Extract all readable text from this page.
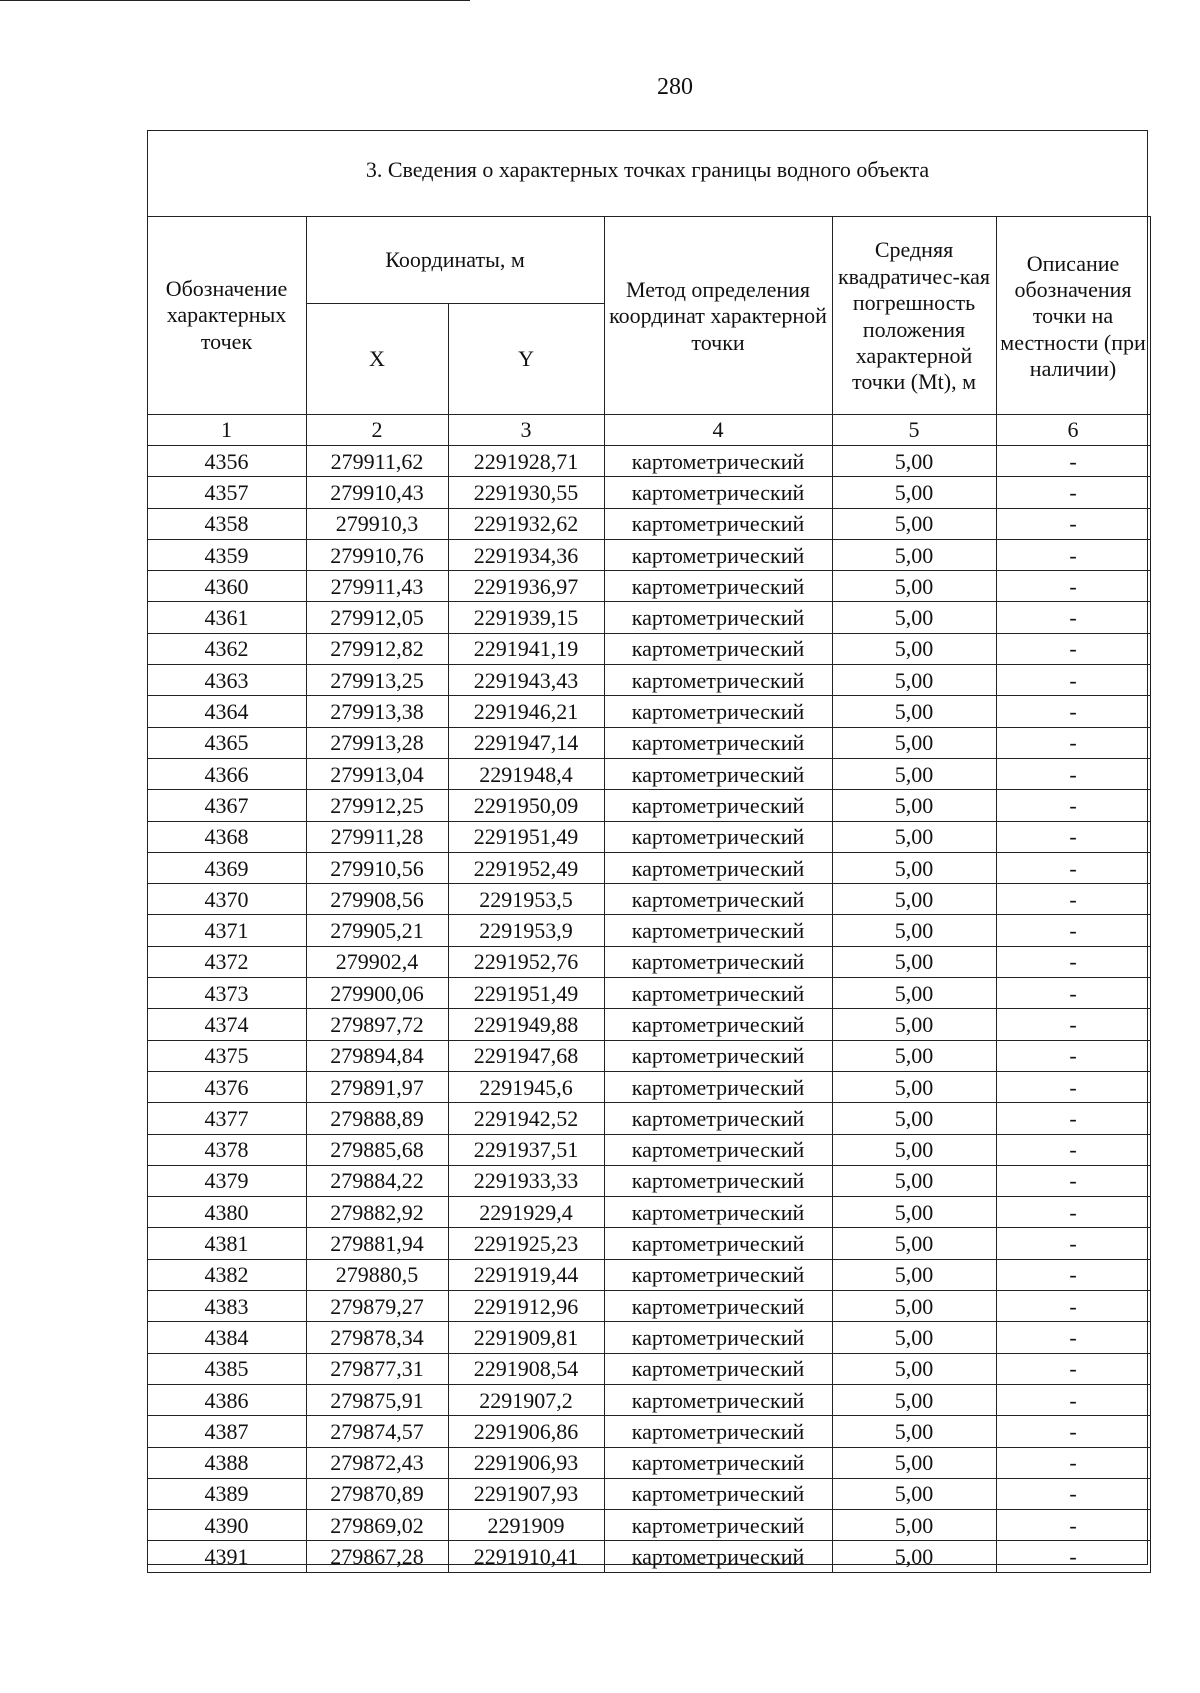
280
3. Сведения о характерных точках границы водного объекта
Обозначение характерных точек	Координаты, м		Метод определения координат характерной точки	Средняя квадратичес-кая погрешность положения характерной точки (Mt), м	Описание обозначения точки на местности (при наличии)
	X	Y			
1	2	3	4	5	6
4356	279911,62	2291928,71	картометрический	5,00	-
4357	279910,43	2291930,55	картометрический	5,00	-
4358	279910,3	2291932,62	картометрический	5,00	-
4359	279910,76	2291934,36	картометрический	5,00	-
4360	279911,43	2291936,97	картометрический	5,00	-
4361	279912,05	2291939,15	картометрический	5,00	-
4362	279912,82	2291941,19	картометрический	5,00	-
4363	279913,25	2291943,43	картометрический	5,00	-
4364	279913,38	2291946,21	картометрический	5,00	-
4365	279913,28	2291947,14	картометрический	5,00	-
4366	279913,04	2291948,4	картометрический	5,00	-
4367	279912,25	2291950,09	картометрический	5,00	-
4368	279911,28	2291951,49	картометрический	5,00	-
4369	279910,56	2291952,49	картометрический	5,00	-
4370	279908,56	2291953,5	картометрический	5,00	-
4371	279905,21	2291953,9	картометрический	5,00	-
4372	279902,4	2291952,76	картометрический	5,00	-
4373	279900,06	2291951,49	картометрический	5,00	-
4374	279897,72	2291949,88	картометрический	5,00	-
4375	279894,84	2291947,68	картометрический	5,00	-
4376	279891,97	2291945,6	картометрический	5,00	-
4377	279888,89	2291942,52	картометрический	5,00	-
4378	279885,68	2291937,51	картометрический	5,00	-
4379	279884,22	2291933,33	картометрический	5,00	-
4380	279882,92	2291929,4	картометрический	5,00	-
4381	279881,94	2291925,23	картометрический	5,00	-
4382	279880,5	2291919,44	картометрический	5,00	-
4383	279879,27	2291912,96	картометрический	5,00	-
4384	279878,34	2291909,81	картометрический	5,00	-
4385	279877,31	2291908,54	картометрический	5,00	-
4386	279875,91	2291907,2	картометрический	5,00	-
4387	279874,57	2291906,86	картометрический	5,00	-
4388	279872,43	2291906,93	картометрический	5,00	-
4389	279870,89	2291907,93	картометрический	5,00	-
4390	279869,02	2291909	картометрический	5,00	-
4391	279867,28	2291910,41	картометрический	5,00	-
